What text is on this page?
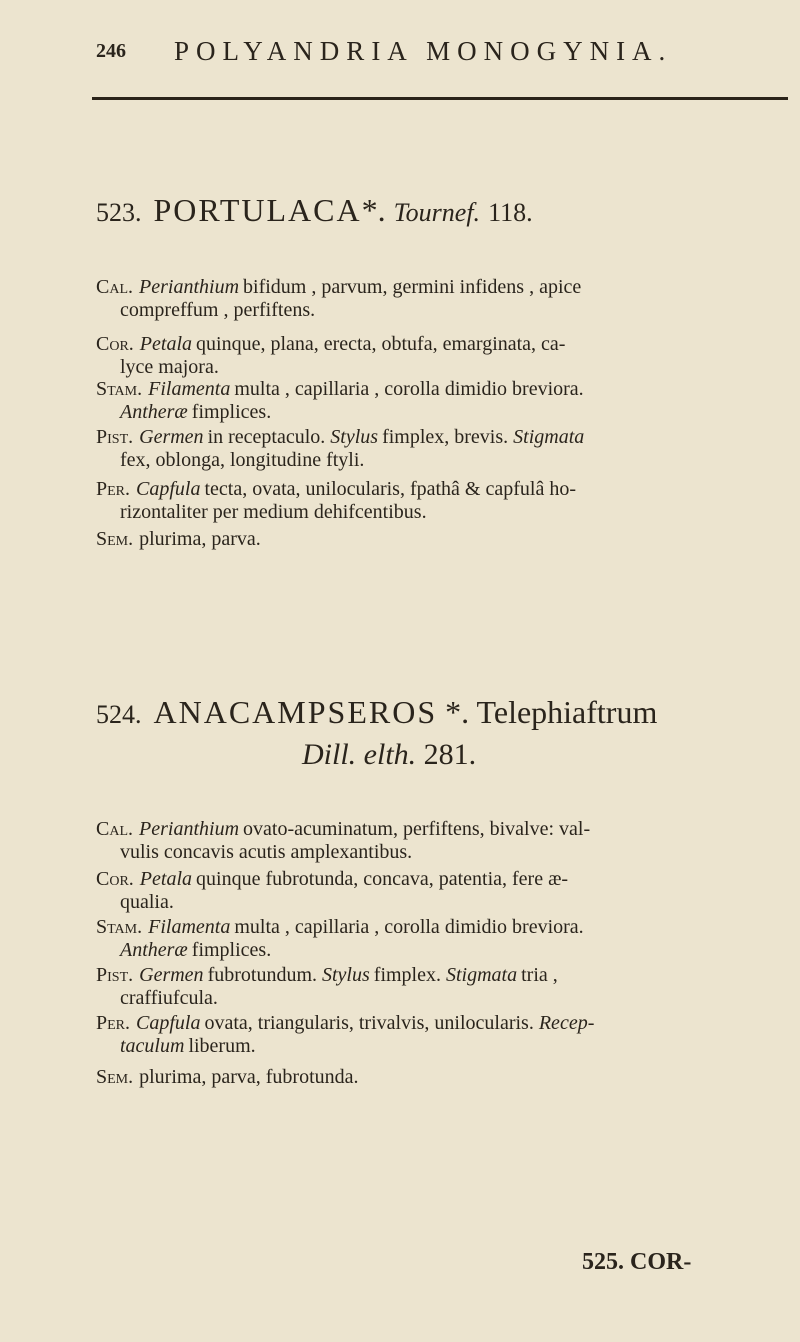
246 POLYANDRIA MONOGYNIA.
523. PORTULACA*. Tournef. 118.
Cal. Perianthium bifidum , parvum, germini infidens , apice
compreffum , perfiftens.
Cor. Petala quinque, plana, erecta, obtufa, emarginata, ca-
lyce majora.
Stam. Filamenta multa , capillaria , corolla dimidio breviora.
Antheræ fimplices.
Pist. Germen in receptaculo. Stylus fimplex, brevis. Stigmata
fex, oblonga, longitudine ftyli.
Per. Capfula tecta, ovata, unilocularis, fpathâ & capfulâ ho-
rizontaliter per medium dehifcentibus.
Sem. plurima, parva.
524. ANACAMPSEROS *. Telephiaftrum
Dill. elth. 281.
Cal. Perianthium ovato-acuminatum, perfiftens, bivalve: val-
vulis concavis acutis amplexantibus.
Cor. Petala quinque fubrotunda, concava, patentia, fere æ-
qualia.
Stam. Filamenta multa , capillaria , corolla dimidio breviora.
Antheræ fimplices.
Pist. Germen fubrotundum. Stylus fimplex. Stigmata tria ,
craffiufcula.
Per. Capfula ovata, triangularis, trivalvis, unilocularis. Recep-
taculum liberum.
Sem. plurima, parva, fubrotunda.
525. COR-
